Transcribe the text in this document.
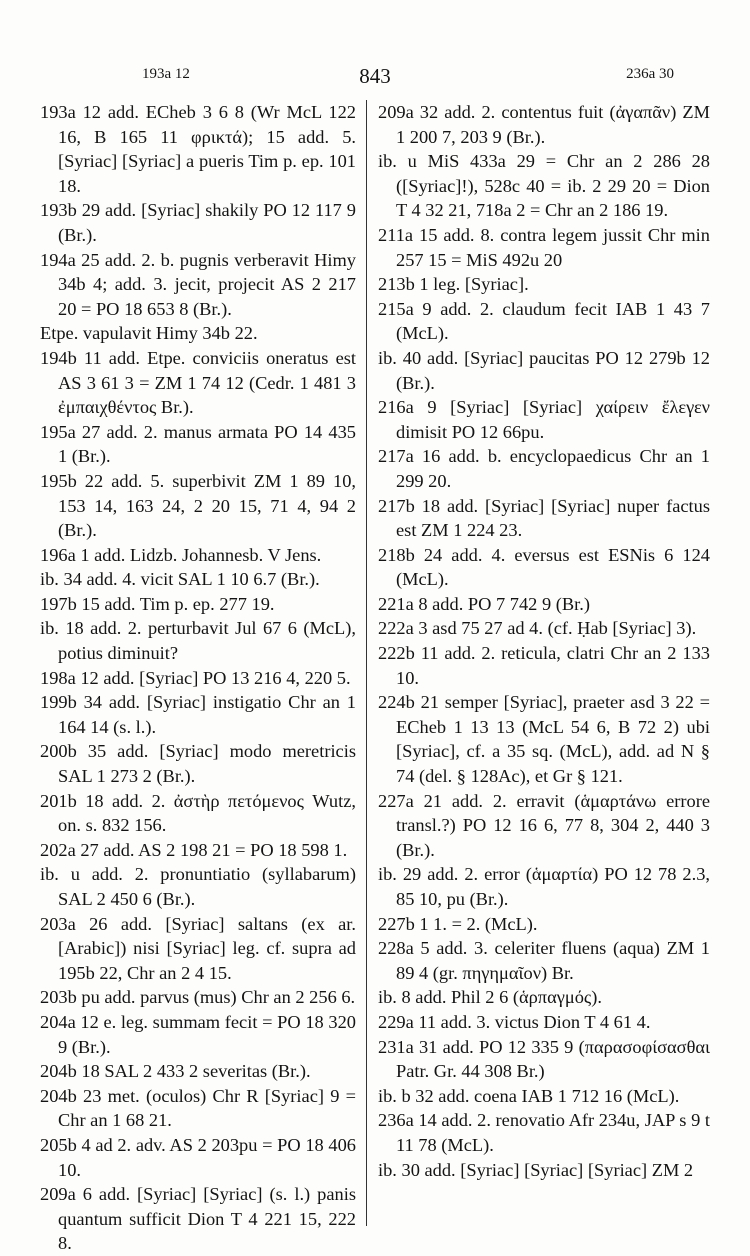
193a 12	843	236a 30

193a 12 add. ECheb 3 6 8 (Wr McL 122 16, B 165 11 φρικτά); 15 add. 5. [Syriac] [Syriac] a pueris Tim p. ep. 101 18.

193b 29 add. [Syriac] shakily PO 12 117 9 (Br.).

194a 25 add. 2. b. pugnis verberavit Himy 34b 4; add. 3. jecit, projecit AS 2 217 20 = PO 18 653 8 (Br.).

Etpe. vapulavit Himy 34b 22.

194b 11 add. Etpe. conviciis oneratus est AS 3 61 3 = ZM 1 74 12 (Cedr. 1 481 3 ἐμπαιχθέντος Br.).

195a 27 add. 2. manus armata PO 14 435 1 (Br.).

195b 22 add. 5. superbivit ZM 1 89 10, 153 14, 163 24, 2 20 15, 71 4, 94 2 (Br.).

196a 1 add. Lidzb. Johannesb. V Jens.

ib. 34 add. 4. vicit SAL 1 10 6.7 (Br.).

197b 15 add. Tim p. ep. 277 19.

ib. 18 add. 2. perturbavit Jul 67 6 (McL), potius diminuit?

198a 12 add. [Syriac] PO 13 216 4, 220 5.

199b 34 add. [Syriac] instigatio Chr an 1 164 14 (s. l.).

200b 35 add. [Syriac] modo meretricis SAL 1 273 2 (Br.).

201b 18 add. 2. ἀστὴρ πετόμενος Wutz, on. s. 832 156.

202a 27 add. AS 2 198 21 = PO 18 598 1.

ib. u add. 2. pronuntiatio (syllabarum) SAL 2 450 6 (Br.).

203a 26 add. [Syriac] saltans (ex ar. [Arabic]) nisi [Syriac] leg. cf. supra ad 195b 22, Chr an 2 4 15.

203b pu add. parvus (mus) Chr an 2 256 6.

204a 12 e. leg. summam fecit = PO 18 320 9 (Br.).

204b 18 SAL 2 433 2 severitas (Br.).

204b 23 met. (oculos) Chr R [Syriac] 9 = Chr an 1 68 21.

205b 4 ad 2. adv. AS 2 203pu = PO 18 406 10.

209a 6 add. [Syriac] [Syriac] (s. l.) panis quantum sufficit Dion T 4 221 15, 222 8.

209a 32 add. 2. contentus fuit (ἀγαπᾶν) ZM 1 200 7, 203 9 (Br.).

ib. u MiS 433a 29 = Chr an 2 286 28 ([Syriac]!), 528c 40 = ib. 2 29 20 = Dion T 4 32 21, 718a 2 = Chr an 2 186 19.

211a 15 add. 8. contra legem jussit Chr min 257 15 = MiS 492u 20

213b 1 leg. [Syriac].

215a 9 add. 2. claudum fecit IAB 1 43 7 (McL).

ib. 40 add. [Syriac] paucitas PO 12 279b 12 (Br.).

216a 9 [Syriac] [Syriac] χαίρειν ἔλεγεν dimisit PO 12 66pu.

217a 16 add. b. encyclopaedicus Chr an 1 299 20.

217b 18 add. [Syriac] [Syriac] nuper factus est ZM 1 224 23.

218b 24 add. 4. eversus est ESNis 6 124 (McL).

221a 8 add. PO 7 742 9 (Br.)

222a 3 asd 75 27 ad 4. (cf. Ḥab [Syriac] 3).

222b 11 add. 2. reticula, clatri Chr an 2 133 10.

224b 21 semper [Syriac], praeter asd 3 22 = ECheb 1 13 13 (McL 54 6, B 72 2) ubi [Syriac], cf. a 35 sq. (McL), add. ad N § 74 (del. § 128Ac), et Gr § 121.

227a 21 add. 2. erravit (ἁμαρτάνω errore transl.?) PO 12 16 6, 77 8, 304 2, 440 3 (Br.).

ib. 29 add. 2. error (ἁμαρτία) PO 12 78 2.3, 85 10, pu (Br.).

227b 1 1. = 2. (McL).

228a 5 add. 3. celeriter fluens (aqua) ZM 1 89 4 (gr. πηγημαῖον) Br.

ib. 8 add. Phil 2 6 (ἁρπαγμός).

229a 11 add. 3. victus Dion T 4 61 4.

231a 31 add. PO 12 335 9 (παρασοφίσασθαι Patr. Gr. 44 308 Br.)

ib. b 32 add. coena IAB 1 712 16 (McL).

236a 14 add. 2. renovatio Afr 234u, JAP s 9 t 11 78 (McL).

ib. 30 add. [Syriac] [Syriac] [Syriac] ZM 2
